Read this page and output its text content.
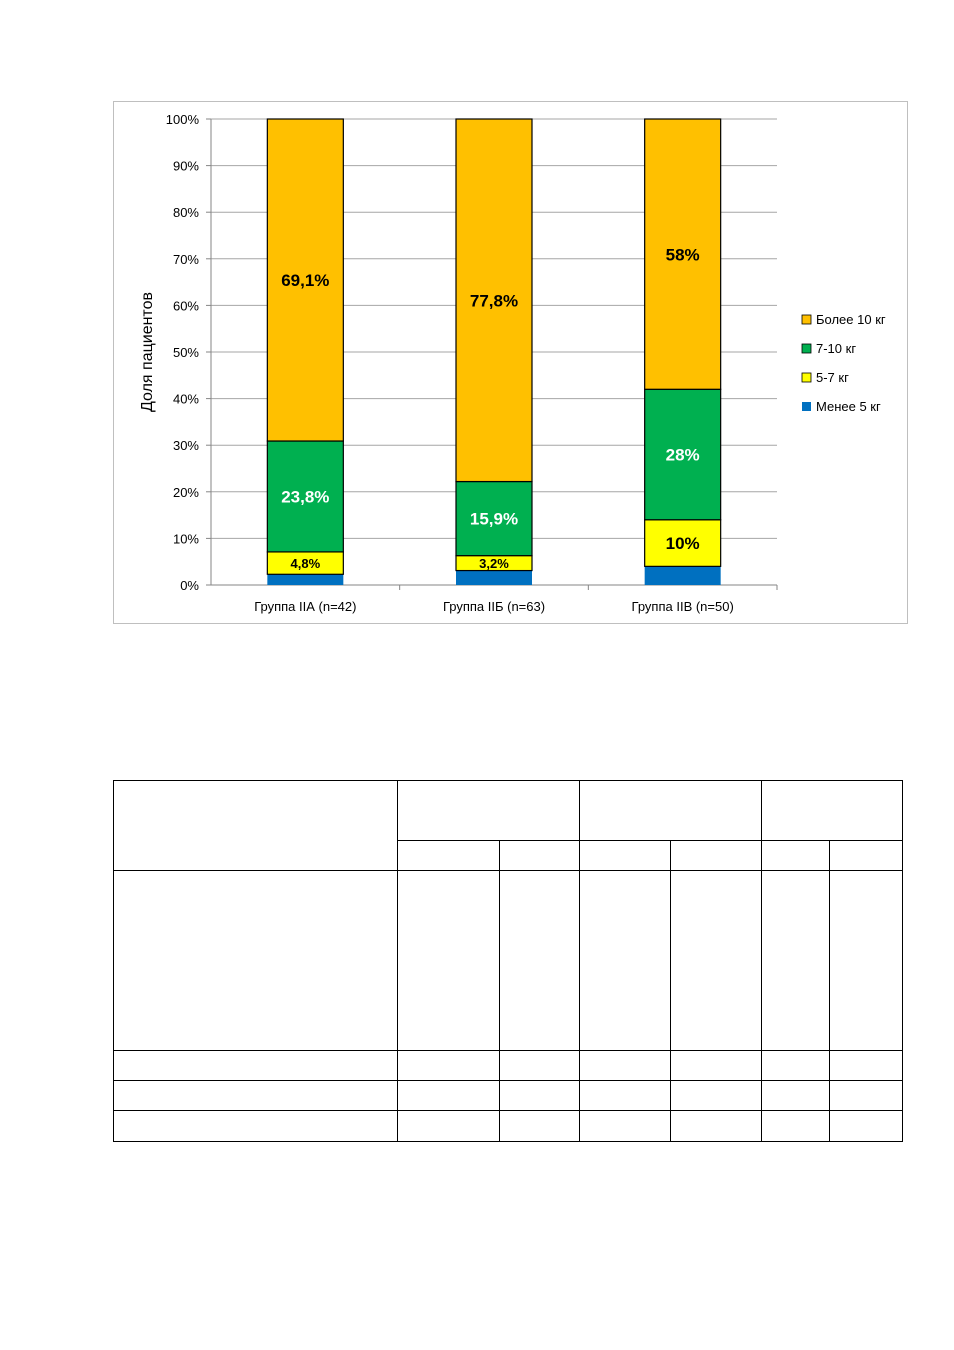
0%
10%
20%
30%
40%
50%
60%
70%
80%
90%
100%
Доля пациентов
4,8%
23,8%
69,1%
Группа IIА (n=42)
3,2%
15,9%
77,8%
Группа IIБ (n=63)
10%
28%
58%
Группа IIВ (n=50)
Более 10 кг
7-10 кг
5-7 кг
Менее 5 кг
